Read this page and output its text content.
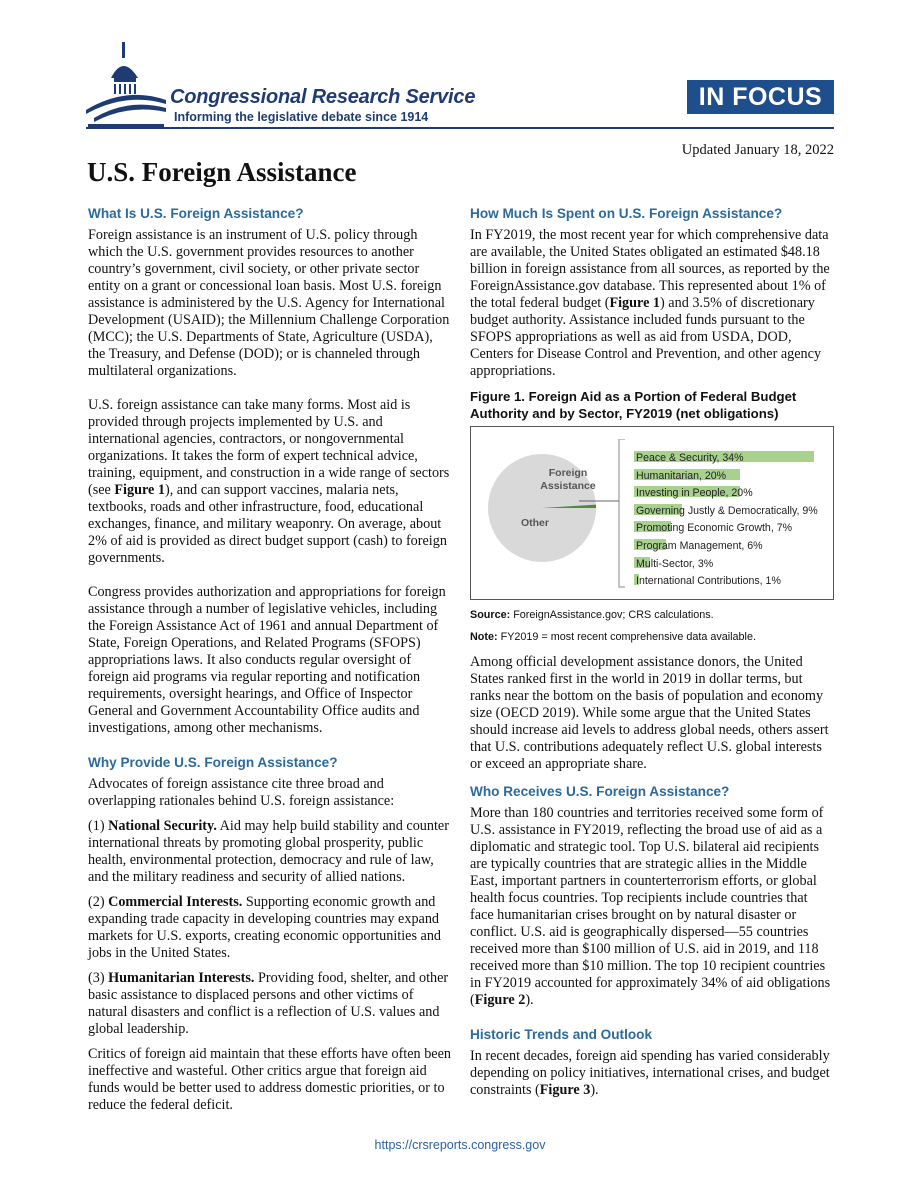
Congressional Research Service
Informing the legislative debate since 1914
IN FOCUS
Updated January 18, 2022
U.S. Foreign Assistance
What Is U.S. Foreign Assistance?

Foreign assistance is an instrument of U.S. policy through which the U.S. government provides resources to another country’s government, civil society, or other private sector entity on a grant or concessional loan basis. Most U.S. foreign assistance is administered by the U.S. Agency for International Development (USAID); the Millennium Challenge Corporation (MCC); the U.S. Departments of State, Agriculture (USDA), the Treasury, and Defense (DOD); or is channeled through multilateral organizations.

U.S. foreign assistance can take many forms. Most aid is provided through projects implemented by U.S. and international agencies, contractors, or nongovernmental organizations. It takes the form of expert technical advice, training, equipment, and construction in a wide range of sectors (see Figure 1), and can support vaccines, malaria nets, textbooks, roads and other infrastructure, food, educational exchanges, finance, and military weaponry. On average, about 2% of aid is provided as direct budget support (cash) to foreign governments.

Congress provides authorization and appropriations for foreign assistance through a number of legislative vehicles, including the Foreign Assistance Act of 1961 and annual Department of State, Foreign Operations, and Related Programs (SFOPS) appropriations laws. It also conducts regular oversight of foreign aid programs via regular reporting and notification requirements, oversight hearings, and Office of Inspector General and Government Accountability Office audits and investigations, among other mechanisms.

Why Provide U.S. Foreign Assistance?

Advocates of foreign assistance cite three broad and overlapping rationales behind U.S. foreign assistance:

(1) National Security. Aid may help build stability and counter international threats by promoting global prosperity, public health, environmental protection, democracy and rule of law, and the military readiness and security of allied nations.

(2) Commercial Interests. Supporting economic growth and expanding trade capacity in developing countries may expand markets for U.S. exports, creating economic opportunities and jobs in the United States.

(3) Humanitarian Interests. Providing food, shelter, and other basic assistance to displaced persons and other victims of natural disasters and conflict is a reflection of U.S. values and global leadership.

Critics of foreign aid maintain that these efforts have often been ineffective and wasteful. Other critics argue that foreign aid funds would be better used to address domestic priorities, or to reduce the federal deficit.

How Much Is Spent on U.S. Foreign Assistance?

In FY2019, the most recent year for which comprehensive data are available, the United States obligated an estimated $48.18 billion in foreign assistance from all sources, as reported by the ForeignAssistance.gov database. This represented about 1% of the total federal budget (Figure 1) and 3.5% of discretionary budget authority. Assistance included funds pursuant to the SFOPS appropriations as well as aid from USDA, DOD, Centers for Disease Control and Prevention, and other agency appropriations.

Figure 1. Foreign Aid as a Portion of Federal Budget Authority and by Sector, FY2019 (net obligations)
Foreign Assistance
Other
Peace & Security, 34%
Humanitarian, 20%
Investing in People, 20%
Governing Justly & Democratically, 9%
Promoting Economic Growth, 7%
Program Management, 6%
Multi-Sector, 3%
International Contributions, 1%

Source: ForeignAssistance.gov; CRS calculations.

Note: FY2019 = most recent comprehensive data available.

Among official development assistance donors, the United States ranked first in the world in 2019 in dollar terms, but ranks near the bottom on the basis of population and economy size (OECD 2019). While some argue that the United States should increase aid levels to address global needs, others assert that U.S. contributions adequately reflect U.S. global interests or exceed an appropriate share.

Who Receives U.S. Foreign Assistance?

More than 180 countries and territories received some form of U.S. assistance in FY2019, reflecting the broad use of aid as a diplomatic and strategic tool. Top U.S. bilateral aid recipients are typically countries that are strategic allies in the Middle East, important partners in counterterrorism efforts, or global health focus countries. Top recipients include countries that face humanitarian crises brought on by natural disaster or conflict. U.S. aid is geographically dispersed—55 countries received more than $100 million of U.S. aid in 2019, and 118 received more than $10 million. The top 10 recipient countries in FY2019 accounted for approximately 34% of aid obligations (Figure 2).

Historic Trends and Outlook

In recent decades, foreign aid spending has varied considerably depending on policy initiatives, international crises, and budget constraints (Figure 3).

https://crsreports.congress.gov
